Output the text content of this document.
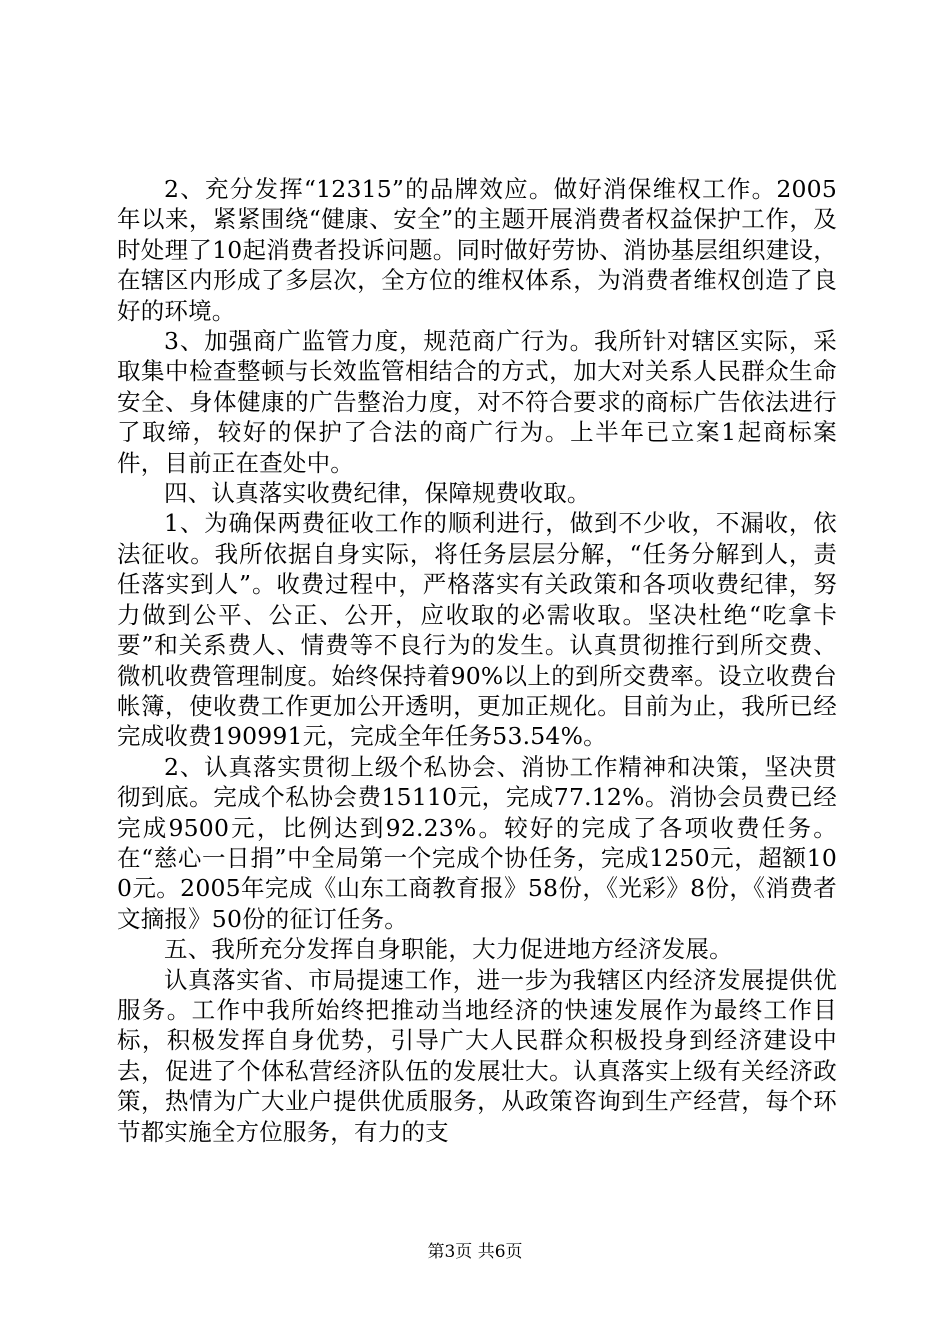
2、充分发挥“12315”的品牌效应。做好消保维权工作。2005年以来，紧紧围绕“健康、安全”的主题开展消费者权益保护工作，及时处理了10起消费者投诉问题。同时做好劳协、消协基层组织建设，在辖区内形成了多层次，全方位的维权体系，为消费者维权创造了良好的环境。

3、加强商广监管力度，规范商广行为。我所针对辖区实际，采取集中检查整顿与长效监管相结合的方式，加大对关系人民群众生命安全、身体健康的广告整治力度，对不符合要求的商标广告依法进行了取缔，较好的保护了合法的商广行为。上半年已立案1起商标案件，目前正在查处中。

四、认真落实收费纪律，保障规费收取。

1、为确保两费征收工作的顺利进行，做到不少收，不漏收，依法征收。我所依据自身实际，将任务层层分解，“任务分解到人，责任落实到人”。收费过程中，严格落实有关政策和各项收费纪律，努力做到公平、公正、公开，应收取的必需收取。坚决杜绝“吃拿卡要”和关系费人、情费等不良行为的发生。认真贯彻推行到所交费、微机收费管理制度。始终保持着90%以上的到所交费率。设立收费台帐簿，使收费工作更加公开透明，更加正规化。目前为止，我所已经完成收费190991元，完成全年任务53.54%。

2、认真落实贯彻上级个私协会、消协工作精神和决策，坚决贯彻到底。完成个私协会费15110元，完成77.12%。消协会员费已经完成9500元，比例达到92.23%。较好的完成了各项收费任务。在“慈心一日捐”中全局第一个完成个协任务，完成1250元，超额100元。2005年完成《山东工商教育报》58份，《光彩》8份，《消费者文摘报》50份的征订任务。

五、我所充分发挥自身职能，大力促进地方经济发展。

认真落实省、市局提速工作，进一步为我辖区内经济发展提供优服务。工作中我所始终把推动当地经济的快速发展作为最终工作目标，积极发挥自身优势，引导广大人民群众积极投身到经济建设中去，促进了个体私营经济队伍的发展壮大。认真落实上级有关经济政策，热情为广大业户提供优质服务，从政策咨询到生产经营，每个环节都实施全方位服务，有力的支

第3页 共6页
